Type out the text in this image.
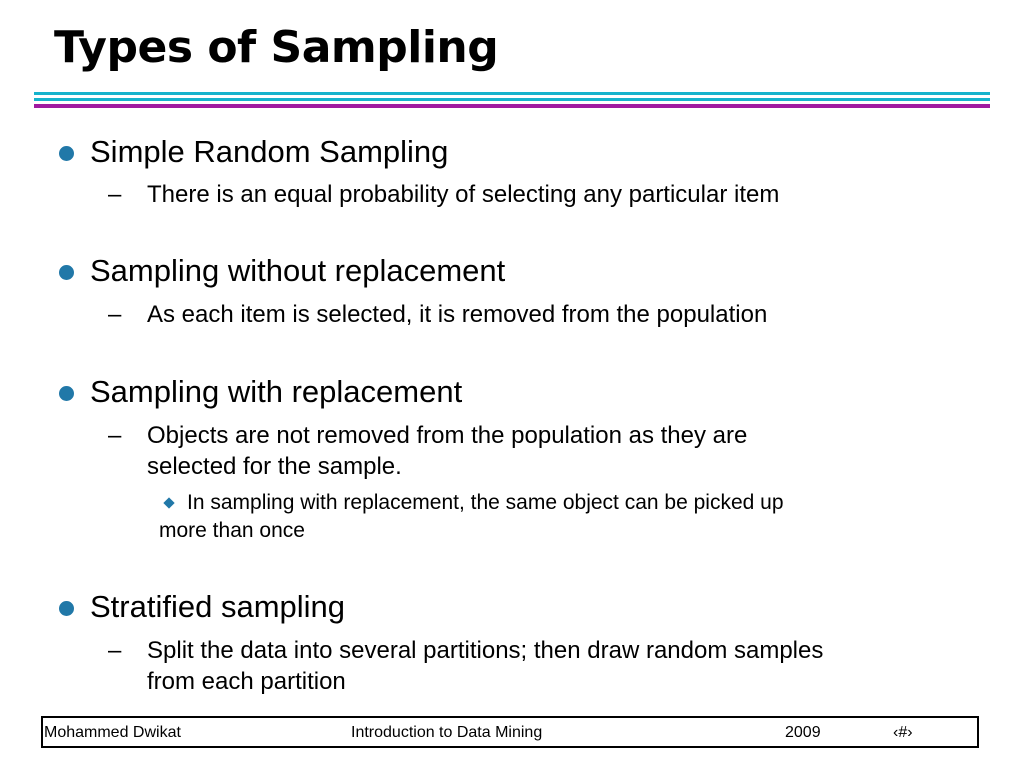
Types of Sampling
Simple Random Sampling
– There is an equal probability of selecting any particular item
Sampling without replacement
– As each item is selected, it is removed from the population
Sampling with replacement
– Objects are not removed from the population as they are
selected for the sample.
In sampling with replacement, the same object can be picked up
more than once
Stratified sampling
– Split the data into several partitions; then draw random samples
from each partition
Mohammed Dwikat	Introduction to Data Mining	2009	‹#›
